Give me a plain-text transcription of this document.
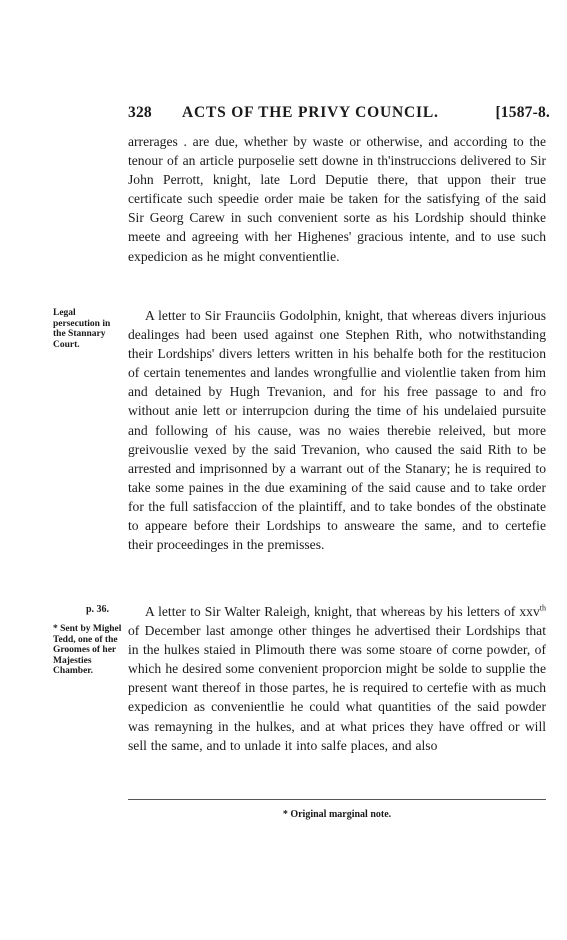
328 ACTS OF THE PRIVY COUNCIL.	[1587-8.

arrerages . are due, whether by waste or otherwise, and according to the tenour of an article purposelie sett downe in th'instruccions delivered to Sir John Perrott, knight, late Lord Deputie there, that uppon their true certificate such speedie order maie be taken for the satisfying of the said Sir Georg Carew in such convenient sorte as his Lordship should thinke meete and agreeing with her Highenes' gracious intente, and to use such expedicion as he might conventientlie.

Legal persecution in the Stannary Court.

A letter to Sir Fraunciis Godolphin, knight, that whereas divers injurious dealinges had been used against one Stephen Rith, who notwithstanding their Lordships' divers letters written in his behalfe both for the restitucion of certain tenementes and landes wrongfullie and violentlie taken from him and detained by Hugh Trevanion, and for his free passage to and fro without anie lett or interrupcion during the time of his undelaied pursuite and following of his cause, was no waies therebie releived, but more greivouslie vexed by the said Trevanion, who caused the said Rith to be arrested and imprisonned by a warrant out of the Stanary; he is required to take some paines in the due examining of the said cause and to take order for the full satisfaccion of the plaintiff, and to take bondes of the obstinate to appeare before their Lordships to answeare the same, and to certefie their proceedinges in the premisses.

p. 36.
* Sent by Mighel Tedd, one of the Groomes of her Majesties Chamber.

A letter to Sir Walter Raleigh, knight, that whereas by his letters of xxv$^{th}$ of December last amonge other thinges he advertised their Lordships that in the hulkes staied in Plimouth there was some stoare of corne powder, of which he desired some convenient proporcion might be solde to supplie the present want thereof in those partes, he is required to certefie with as much expedicion as convenientlie he could what quantities of the said powder was remayning in the hulkes, and at what prices they have offred or will sell the same, and to unlade it into salfe places, and also

* Original marginal note.
